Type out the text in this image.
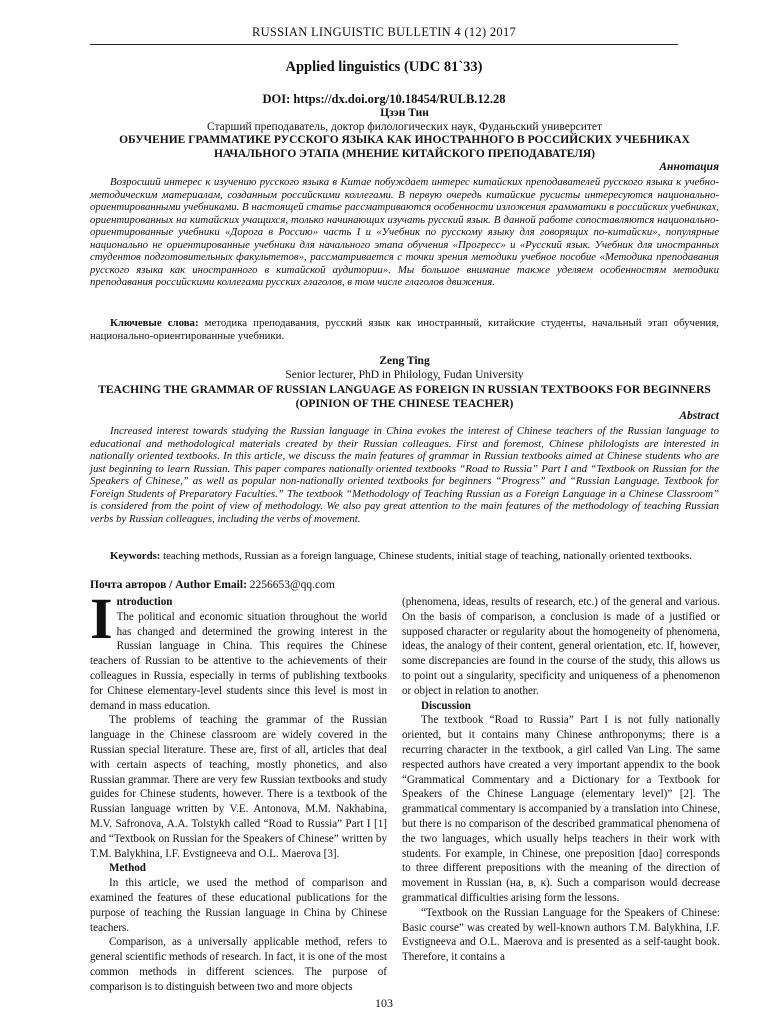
RUSSIAN LINGUISTIC BULLETIN 4 (12) 2017
Applied linguistics (UDC 81`33)
DOI: https://dx.doi.org/10.18454/RULB.12.28
Цзэн Тин
Старший преподаватель, доктор филологических наук, Фуданьский университет
ОБУЧЕНИЕ ГРАММАТИКЕ РУССКОГО ЯЗЫКА КАК ИНОСТРАННОГО В РОССИЙСКИХ УЧЕБНИКАХ НАЧАЛЬНОГО ЭТАПА (МНЕНИЕ КИТАЙСКОГО ПРЕПОДАВАТЕЛЯ)
Аннотация
Возросший интерес к изучению русского языка в Китае побуждает интерес китайских преподавателей русского языка к учебно-методическим материалам, созданным российскими коллегами. В первую очередь китайские русисты интересуются национально-ориентированными учебниками. В настоящей статье рассматриваются особенности изложения грамматики в российских учебниках, ориентированных на китайских учащихся, только начинающих изучать русский язык. В данной работе сопоставляются национально-ориентированные учебники «Дорога в Россию» часть I и «Учебник по русскому языку для говорящих по-китайски», популярные национально не ориентированные учебники для начального этапа обучения «Прогресс» и «Русский язык. Учебник для иностранных студентов подготовительных факультетов», рассматривается с точки зрения методики учебное пособие «Методика преподавания русского языка как иностранного в китайской аудитории». Мы большое внимание также уделяем особенностям методики преподавания российскими коллегами русских глаголов, в том числе глаголов движения.
Ключевые слова: методика преподавания, русский язык как иностранный, китайские студенты, начальный этап обучения, национально-ориентированные учебники.
Zeng Ting
Senior lecturer, PhD in Philology, Fudan University
TEACHING THE GRAMMAR OF RUSSIAN LANGUAGE AS FOREIGN IN RUSSIAN TEXTBOOKS FOR BEGINNERS (OPINION OF THE CHINESE TEACHER)
Abstract
Increased interest towards studying the Russian language in China evokes the interest of Chinese teachers of the Russian language to educational and methodological materials created by their Russian colleagues. First and foremost, Chinese philologists are interested in nationally oriented textbooks. In this article, we discuss the main features of grammar in Russian textbooks aimed at Chinese students who are just beginning to learn Russian. This paper compares nationally oriented textbooks “Road to Russia” Part I and “Textbook on Russian for the Speakers of Chinese,” as well as popular non-nationally oriented textbooks for beginners “Progress” and “Russian Language. Textbook for Foreign Students of Preparatory Faculties.” The textbook “Methodology of Teaching Russian as a Foreign Language in a Chinese Classroom” is considered from the point of view of methodology. We also pay great attention to the main features of the methodology of teaching Russian verbs by Russian colleagues, including the verbs of movement.
Keywords: teaching methods, Russian as a foreign language, Chinese students, initial stage of teaching, nationally oriented textbooks.
Почта авторов / Author Email: 2256653@qq.com

Introduction
The political and economic situation throughout the world has changed and determined the growing interest in the Russian language in China. This requires the Chinese teachers of Russian to be attentive to the achievements of their colleagues in Russia, especially in terms of publishing textbooks for Chinese elementary-level students since this level is most in demand in mass education.

The problems of teaching the grammar of the Russian language in the Chinese classroom are widely covered in the Russian special literature. These are, first of all, articles that deal with certain aspects of teaching, mostly phonetics, and also Russian grammar. There are very few Russian textbooks and study guides for Chinese students, however. There is a textbook of the Russian language written by V.E. Antonova, M.M. Nakhabina, M.V. Safronova, A.A. Tolstykh called “Road to Russia” Part I [1] and “Textbook on Russian for the Speakers of Chinese” written by T.M. Balykhina, I.F. Evstigneeva and O.L. Maerova [3].

Method

In this article, we used the method of comparison and examined the features of these educational publications for the purpose of teaching the Russian language in China by Chinese teachers.

Comparison, as a universally applicable method, refers to general scientific methods of research. In fact, it is one of the most common methods in different sciences. The purpose of comparison is to distinguish between two and more objects

(phenomena, ideas, results of research, etc.) of the general and various. On the basis of comparison, a conclusion is made of a justified or supposed character or regularity about the homogeneity of phenomena, ideas, the analogy of their content, general orientation, etc. If, however, some discrepancies are found in the course of the study, this allows us to point out a singularity, specificity and uniqueness of a phenomenon or object in relation to another.

Discussion

The textbook “Road to Russia” Part I is not fully nationally oriented, but it contains many Chinese anthroponyms; there is a recurring character in the textbook, a girl called Van Ling. The same respected authors have created a very important appendix to the book “Grammatical Commentary and a Dictionary for a Textbook for Speakers of the Chinese Language (elementary level)” [2]. The grammatical commentary is accompanied by a translation into Chinese, but there is no comparison of the described grammatical phenomena of the two languages, which usually helps teachers in their work with students. For example, in Chinese, one preposition [dao] corresponds to three different prepositions with the meaning of the direction of movement in Russian (на, в, к). Such a comparison would decrease grammatical difficulties arising form the lessons.

“Textbook on the Russian Language for the Speakers of Chinese: Basic course” was created by well-known authors T.M. Balykhina, I.F. Evstigneeva and O.L. Maerova and is presented as a self-taught book. Therefore, it contains a

103
